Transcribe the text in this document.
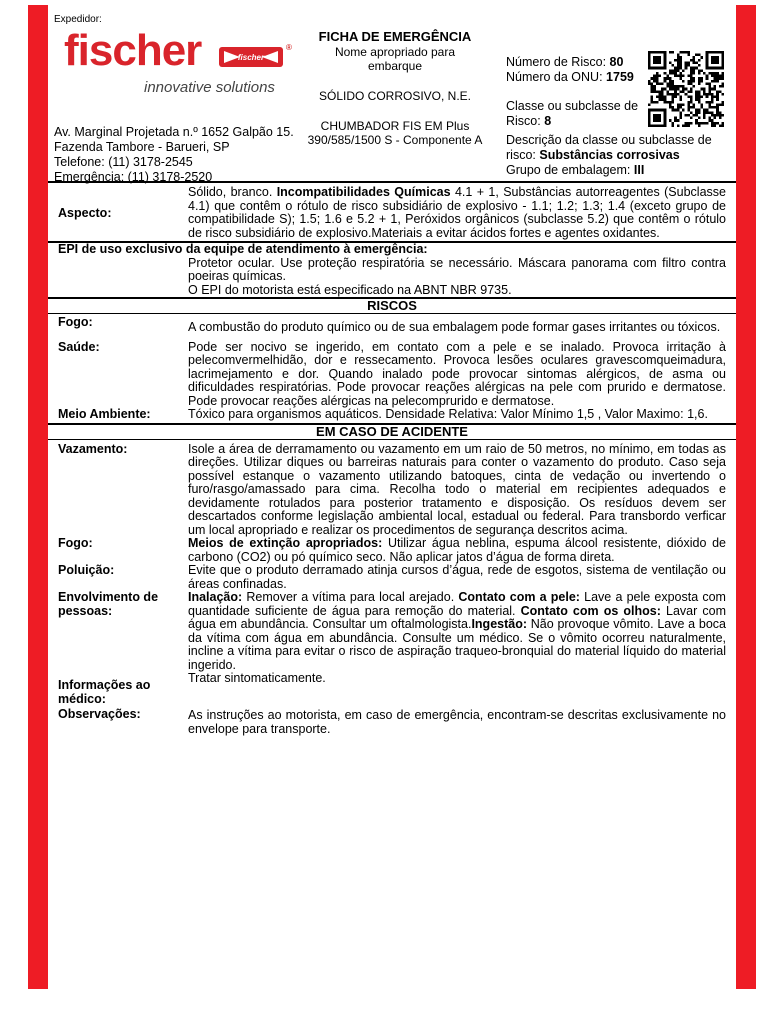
Expedidor:
fischer	fischer
®
innovative solutions
Av. Marginal Projetada n.º 1652 Galpão 15.
Fazenda Tambore - Barueri, SP
Telefone: (11) 3178-2545
Emergência: (11) 3178-2520
FICHA DE EMERGÊNCIA
Nome apropriado para embarque
SÓLIDO CORROSIVO, N.E.
CHUMBADOR FIS EM Plus 390/585/1500 S - Componente A
Número de Risco: 80
Número da ONU: 1759
Classe ou subclasse de Risco: 8
Descrição da classe ou subclasse de risco: Substâncias corrosivas
Grupo de embalagem: III
Aspecto:
Sólido, branco. Incompatibilidades Químicas 4.1 + 1, Substâncias autorreagentes (Subclasse 4.1) que contêm o rótulo de risco subsidiário de explosivo - 1.1; 1.2; 1.3; 1.4 (exceto grupo de compatibilidade S); 1.5; 1.6 e 5.2 + 1, Peróxidos orgânicos (subclasse 5.2) que contêm o rótulo de risco subsidiário de explosivo.Materiais a evitar ácidos fortes e agentes oxidantes.
EPI de uso exclusivo da equipe de atendimento à emergência:
Protetor ocular. Use proteção respiratória se necessário. Máscara panorama com filtro contra poeiras químicas.
O EPI do motorista está especificado na ABNT NBR 9735.
RISCOS
Fogo:	A combustão do produto químico ou de sua embalagem pode formar gases irritantes ou tóxicos.
Saúde:	Pode ser nocivo se ingerido, em contato com a pele e se inalado. Provoca irritação à pelecomvermelhidão, dor e ressecamento. Provoca lesões oculares gravescomqueimadura, lacrimejamento e dor. Quando inalado pode provocar sintomas alérgicos, de asma ou dificuldades respiratórias. Pode provocar reações alérgicas na pele com prurido e dermatose. Pode provocar reações alérgicas na pelecomprurido e dermatose.
Meio Ambiente:	Tóxico para organismos aquáticos. Densidade Relativa: Valor Mínimo 1,5 , Valor Maximo: 1,6.
EM CASO DE ACIDENTE
Vazamento:	Isole a área de derramamento ou vazamento em um raio de 50 metros, no mínimo, em todas as direções. Utilizar diques ou barreiras naturais para conter o vazamento do produto. Caso seja possível estanque o vazamento utilizando batoques, cinta de vedação ou invertendo o furo/rasgo/amassado para cima. Recolha todo o material em recipientes adequados e devidamente rotulados para posterior tratamento e disposição. Os resíduos devem ser descartados conforme legislação ambiental local, estadual ou federal. Para transbordo verficar um local apropriado e realizar os procedimentos de segurança descritos acima.
Fogo:	Meios de extinção apropriados: Utilizar água neblina, espuma álcool resistente, dióxido de carbono (CO2) ou pó químico seco. Não aplicar jatos d’água de forma direta.
Poluição:	Evite que o produto derramado atinja cursos d’água, rede de esgotos, sistema de ventilação ou áreas confinadas.
Envolvimento de pessoas:
Inalação: Remover a vítima para local arejado. Contato com a pele: Lave a pele exposta com quantidade suficiente de água para remoção do material. Contato com os olhos: Lavar com água em abundância. Consultar um oftalmologista.Ingestão: Não provoque vômito. Lave a boca da vítima com água em abundância. Consulte um médico. Se o vômito ocorreu naturalmente, incline a vítima para evitar o risco de aspiração traqueo-bronquial do material líquido do material ingerido.
Informações ao médico:
Tratar sintomaticamente.
Observações:	As instruções ao motorista, em caso de emergência, encontram-se descritas exclusivamente no envelope para transporte.
